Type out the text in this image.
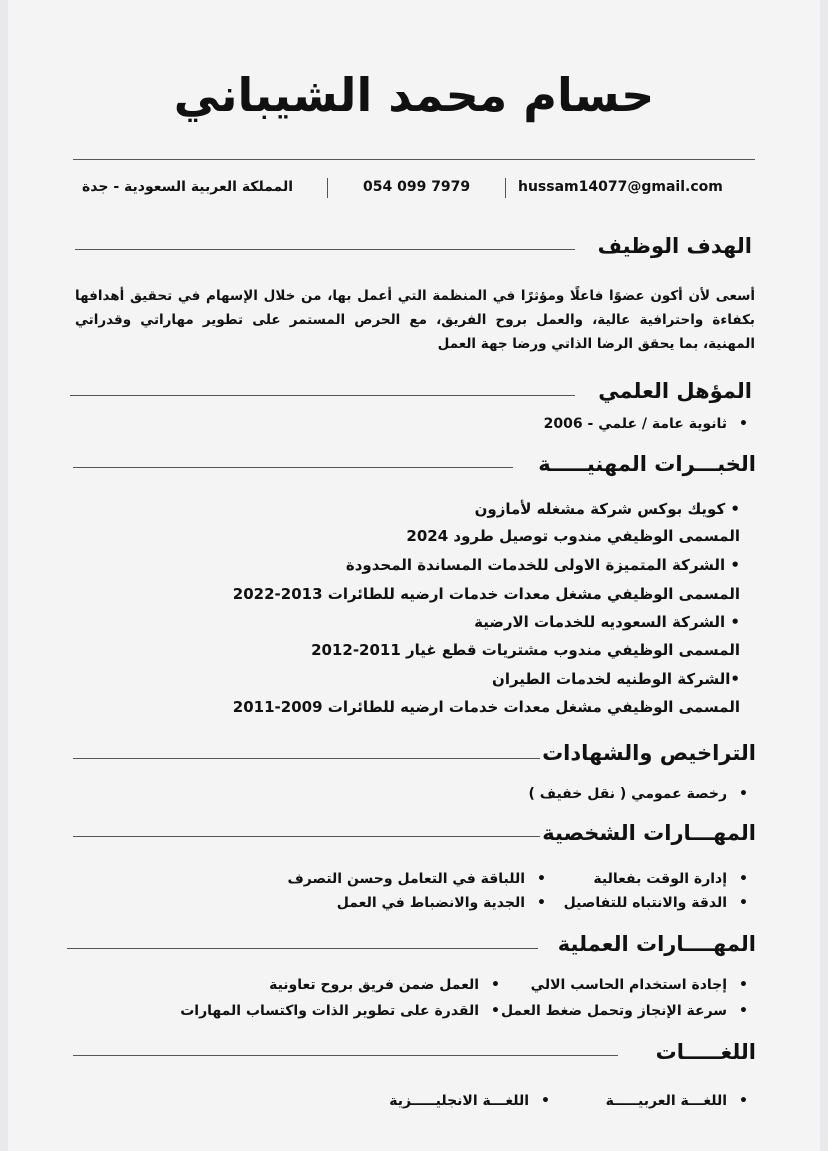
حسام محمد الشيباني
المملكة العربية السعودية - جدة	054 099 7979	hussam14077@gmail.com
الهدف الوظيف
أسعى لأن أكون عضوًا فاعلًا ومؤثرًا في المنظمة التي أعمل بها، من خلال الإسهام في تحقيق أهدافها بكفاءة واحترافية عالية، والعمل بروح الفريق، مع الحرص المستمر على تطوير مهاراتي وقدراتي المهنية، بما يحقق الرضا الذاتي ورضا جهة العمل
المؤهل العلمي
• ثانوية عامة / علمي - 2006
الخبـــرات المهنيـــــة
• كويك بوكس شركة مشغله لأمازون
المسمى الوظيفي مندوب توصيل طرود 2024
• الشركة المتميزة الاولى للخدمات المساندة المحدودة
المسمى الوظيفي مشغل معدات خدمات ارضيه للطائرات 2013-2022
• الشركة السعوديه للخدمات الارضية
المسمى الوظيفي مندوب مشتريات قطع غيار 2011-2012
•الشركة الوطنيه لخدمات الطيران
المسمى الوظيفي مشغل معدات خدمات ارضيه للطائرات 2009-2011
التراخيص والشهادات
• رخصة عمومي ( نقل خفيف )
المهـــارات الشخصية
• إدارة الوقت بفعالية
• اللباقة في التعامل وحسن التصرف
• الدقة والانتباه للتفاصيل
• الجدية والانضباط في العمل
المهــــارات العملية
• إجادة استخدام الحاسب الالي
• العمل ضمن فريق بروح تعاونية
• سرعة الإنجاز وتحمل ضغط العمل
• القدرة على تطوير الذات واكتساب المهارات
اللغـــــات
• اللغـــة العربيـــــة
• اللغـــة الانجليـــــزية
